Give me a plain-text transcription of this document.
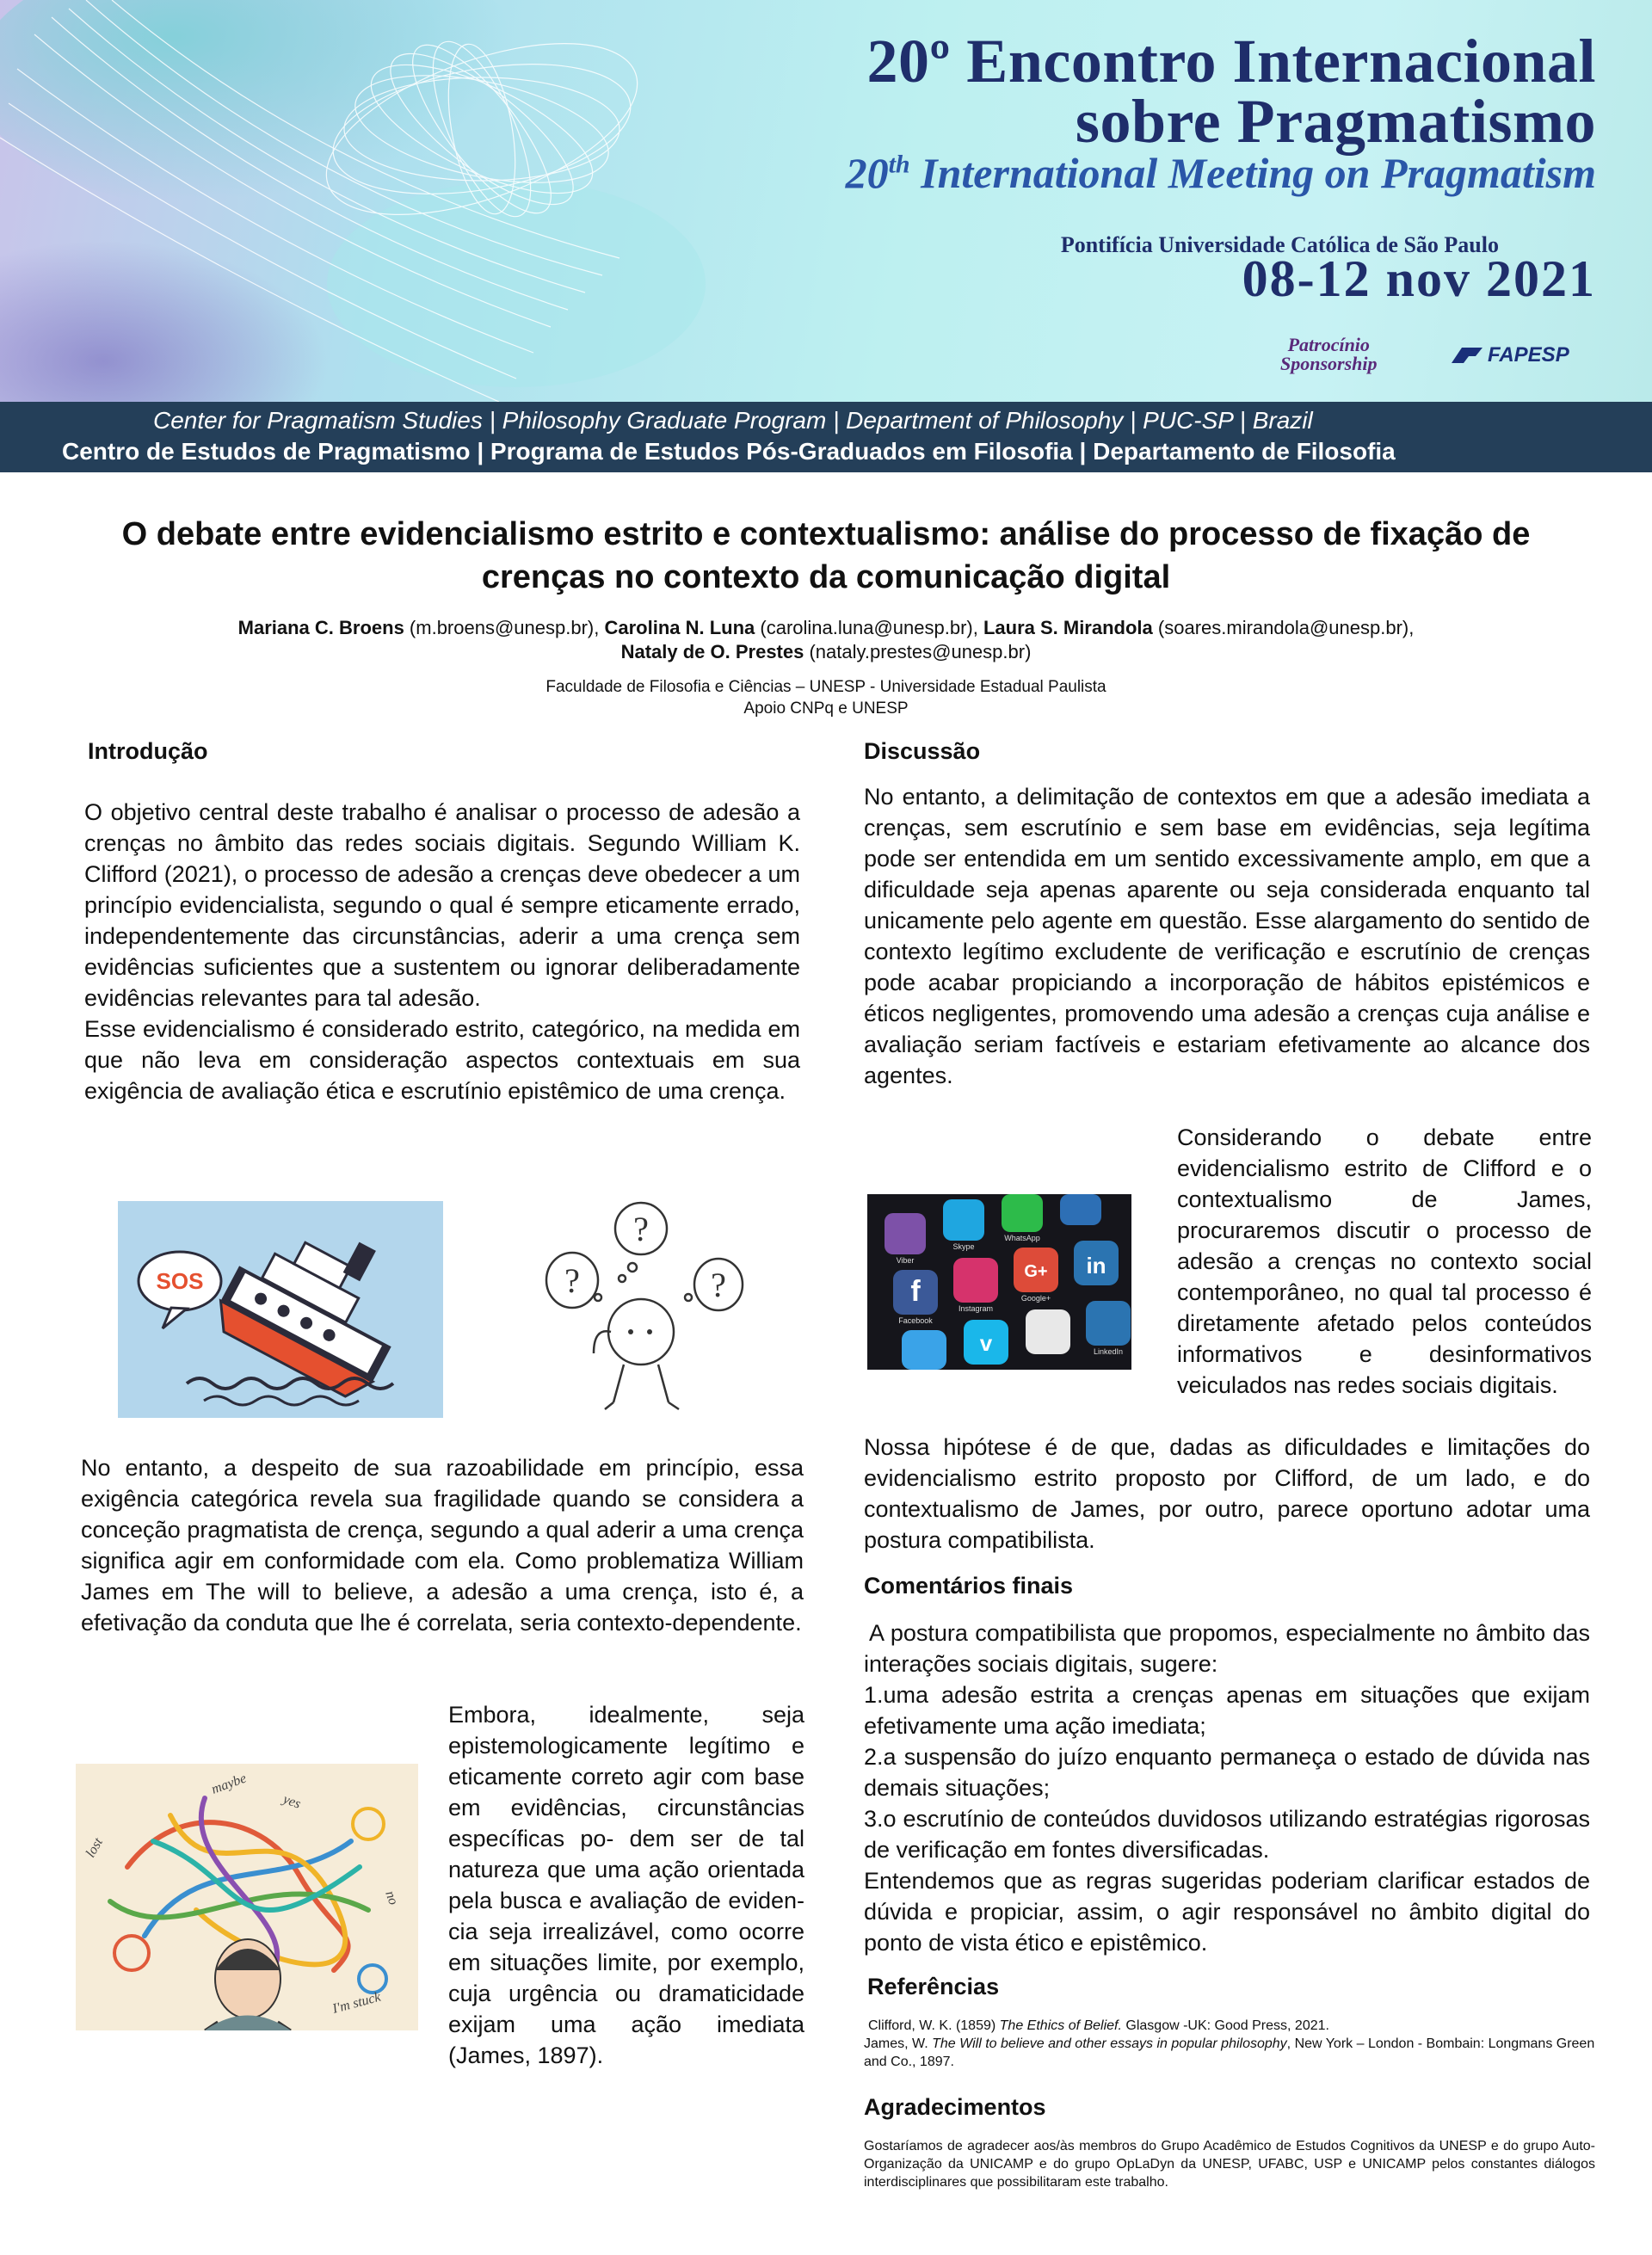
20º Encontro Internacional
sobre Pragmatismo
20th International Meeting on Pragmatism
Pontifícia Universidade Católica de São Paulo
08-12 nov 2021
Patrocínio
Sponsorship	FAPESP
Center for Pragmatism Studies | Philosophy Graduate Program | Department of Philosophy | PUC-SP | Brazil
Centro de Estudos de Pragmatismo | Programa de Estudos Pós-Graduados em Filosofia | Departamento de Filosofia
O debate entre evidencialismo estrito e contextualismo: análise do processo de fixação de
crenças no contexto da comunicação digital
Mariana C. Broens (m.broens@unesp.br), Carolina N. Luna (carolina.luna@unesp.br), Laura S. Mirandola (soares.mirandola@unesp.br),
Nataly de O. Prestes (nataly.prestes@unesp.br)
Faculdade de Filosofia e Ciências – UNESP - Universidade Estadual Paulista
Apoio CNPq e UNESP
Introdução

O objetivo central deste trabalho é analisar o processo de adesão a crenças no âmbito das redes sociais digitais. Segundo William K. Clifford (2021), o processo de adesão a crenças deve obedecer a um princípio evidencialista, segundo o qual é sempre eticamente errado, independentemente das circunstâncias, aderir a uma crença sem evidências suficientes que a sustentem ou ignorar deliberadamente evidências relevantes para tal adesão.

Esse evidencialismo é considerado estrito, categórico, na medida em que não leva em consideração aspectos contextuais em sua exigência de avaliação ética e escrutínio epistêmico de uma crença.

SOS
?
?	?

No entanto, a despeito de sua razoabilidade em princípio, essa exigência categórica revela sua fragilidade quando se considera a conceção pragmatista de crença, segundo a qual aderir a uma crença significa agir em conformidade com ela. Como problematiza William James em The will to believe, a adesão a uma crença, isto é, a efetivação da conduta que lhe é correlata, seria contexto-dependente.

maybe
yes
lost
no
I'm stuck

Embora, idealmente, seja epistemologicamente legítimo e eticamente correto agir com base em evidências, circunstâncias específicas po- dem ser de tal natureza que uma ação orientada pela busca e avaliação de eviden- cia seja irrealizável, como ocorre em situações limite, por exemplo, cuja urgência ou dramaticidade exijam uma ação imediata (James, 1897).

Discussão

No entanto, a delimitação de contextos em que a adesão imediata a crenças, sem escrutínio e sem base em evidências, seja legítima pode ser entendida em um sentido excessivamente amplo, em que a dificuldade seja apenas aparente ou seja considerada enquanto tal unicamente pelo agente em questão. Esse alargamento do sentido de contexto legítimo excludente de verificação e escrutínio de crenças pode acabar propiciando a incorporação de hábitos epistémicos e éticos negligentes, promovendo uma adesão a crenças cuja análise e avaliação seriam factíveis e estariam efetivamente ao alcance dos agentes.

f
in
G+
v
Viber
Skype
WhatsApp
Facebook
Instagram
Google+
LinkedIn

Considerando o debate entre evidencialismo estrito de Clifford e o contextualismo de James, procuraremos discutir o processo de adesão a crenças no contexto social contemporâneo, no qual tal processo é diretamente afetado pelos conteúdos informativos e desinformativos veiculados nas redes sociais digitais.

Nossa hipótese é de que, dadas as dificuldades e limitações do evidencialismo estrito proposto por Clifford, de um lado, e do contextualismo de James, por outro, parece oportuno adotar uma postura compatibilista.

Comentários finais

A postura compatibilista que propomos, especialmente no âmbito das interações sociais digitais, sugere:

1.uma adesão estrita a crenças apenas em situações que exijam efetivamente uma ação imediata;

2.a suspensão do juízo enquanto permaneça o estado de dúvida nas demais situações;

3.o escrutínio de conteúdos duvidosos utilizando estratégias rigorosas de verificação em fontes diversificadas.

Entendemos que as regras sugeridas poderiam clarificar estados de dúvida e propiciar, assim, o agir responsável no âmbito digital do ponto de vista ético e epistêmico.

Referências

Clifford, W. K. (1859) The Ethics of Belief. Glasgow -UK: Good Press, 2021.

James, W. The Will to believe and other essays in popular philosophy, New York – London - Bombain: Longmans Green and Co., 1897.

Agradecimentos

Gostaríamos de agradecer aos/às membros do Grupo Acadêmico de Estudos Cognitivos da UNESP e do grupo Auto-Organização da UNICAMP e do grupo OpLaDyn da UNESP, UFABC, USP e UNICAMP pelos constantes diálogos interdisciplinares que possibilitaram este trabalho.
